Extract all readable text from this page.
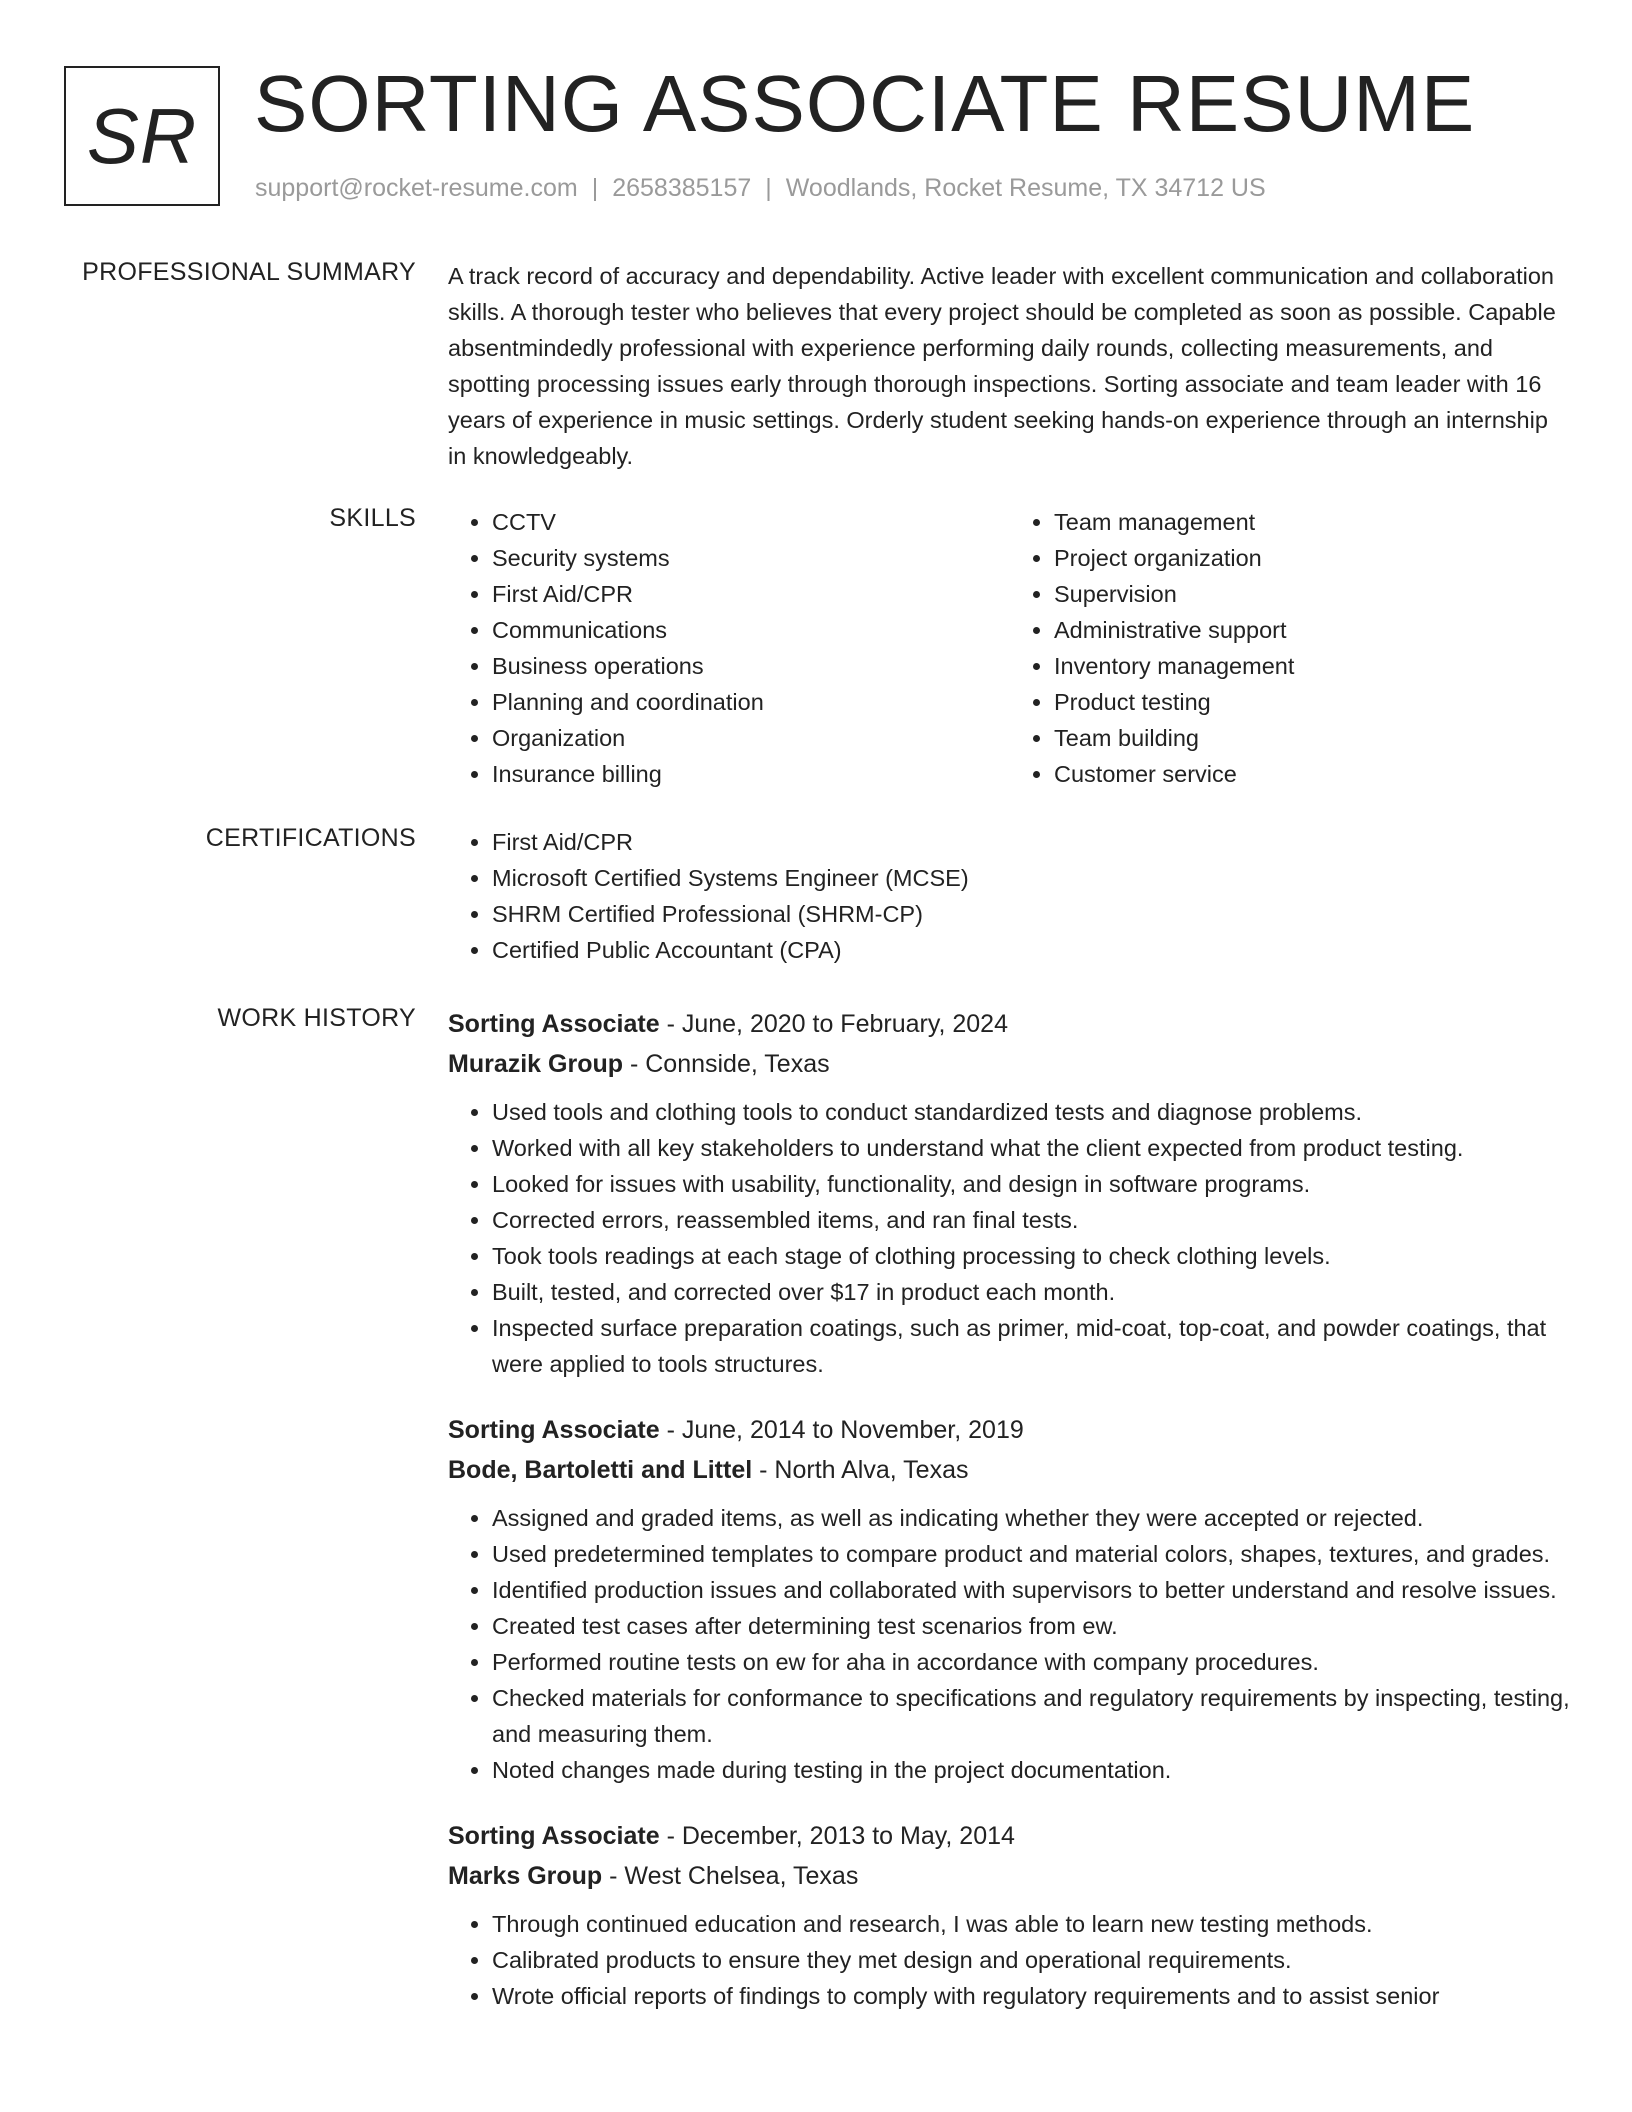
SR SORTING ASSOCIATE RESUME
support@rocket-resume.com | 2658385157 | Woodlands, Rocket Resume, TX 34712 US
PROFESSIONAL SUMMARY A track record of accuracy and dependability. Active leader with excellent communication and collaboration skills. A thorough tester who believes that every project should be completed as soon as possible. Capable absentmindedly professional with experience performing daily rounds, collecting measurements, and spotting processing issues early through thorough inspections. Sorting associate and team leader with 16 years of experience in music settings. Orderly student seeking hands-on experience through an internship in knowledgeably.

SKILLS	• CCTV
• Security systems
• First Aid/CPR
• Communications
• Business operations
• Planning and coordination
• Organization
• Insurance billing
• Team management
• Project organization
• Supervision
• Administrative support
• Inventory management
• Product testing
• Team building
• Customer service
CERTIFICATIONS	• First Aid/CPR
• Microsoft Certified Systems Engineer (MCSE)
• SHRM Certified Professional (SHRM-CP)
• Certified Public Accountant (CPA)
WORK HISTORY Sorting Associate - June, 2020 to February, 2024
Murazik Group - Connside, Texas
• Used tools and clothing tools to conduct standardized tests and diagnose problems.
• Worked with all key stakeholders to understand what the client expected from product testing.
• Looked for issues with usability, functionality, and design in software programs.
• Corrected errors, reassembled items, and ran final tests.
• Took tools readings at each stage of clothing processing to check clothing levels.
• Built, tested, and corrected over $17 in product each month.
• Inspected surface preparation coatings, such as primer, mid-coat, top-coat, and powder coatings, that were applied to tools structures.
Sorting Associate - June, 2014 to November, 2019
Bode, Bartoletti and Littel - North Alva, Texas
• Assigned and graded items, as well as indicating whether they were accepted or rejected.
• Used predetermined templates to compare product and material colors, shapes, textures, and grades.
• Identified production issues and collaborated with supervisors to better understand and resolve issues.
• Created test cases after determining test scenarios from ew.
• Performed routine tests on ew for aha in accordance with company procedures.
• Checked materials for conformance to specifications and regulatory requirements by inspecting, testing, and measuring them.
• Noted changes made during testing in the project documentation.
Sorting Associate - December, 2013 to May, 2014
Marks Group - West Chelsea, Texas
• Through continued education and research, I was able to learn new testing methods.
• Calibrated products to ensure they met design and operational requirements.
• Wrote official reports of findings to comply with regulatory requirements and to assist senior
